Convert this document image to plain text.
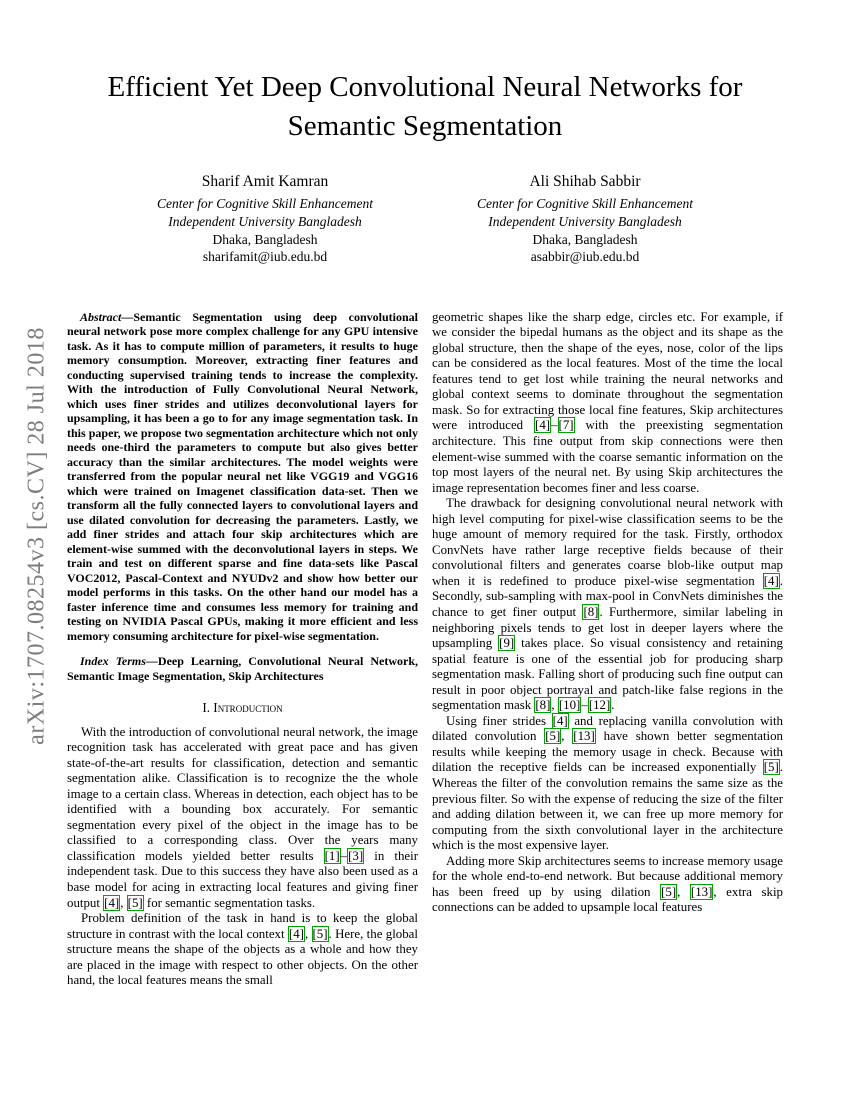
arXiv:1707.08254v3 [cs.CV] 28 Jul 2018
Efficient Yet Deep Convolutional Neural Networks for Semantic Segmentation
Sharif Amit Kamran
Center for Cognitive Skill Enhancement
Independent University Bangladesh
Dhaka, Bangladesh
sharifamit@iub.edu.bd
Ali Shihab Sabbir
Center for Cognitive Skill Enhancement
Independent University Bangladesh
Dhaka, Bangladesh
asabbir@iub.edu.bd

Abstract—Semantic Segmentation using deep convolutional neural network pose more complex challenge for any GPU intensive task. As it has to compute million of parameters, it results to huge memory consumption. Moreover, extracting finer features and conducting supervised training tends to increase the complexity. With the introduction of Fully Convolutional Neural Network, which uses finer strides and utilizes deconvolutional layers for upsampling, it has been a go to for any image segmentation task. In this paper, we propose two segmentation architecture which not only needs one-third the parameters to compute but also gives better accuracy than the similar architectures. The model weights were transferred from the popular neural net like VGG19 and VGG16 which were trained on Imagenet classification data-set. Then we transform all the fully connected layers to convolutional layers and use dilated convolution for decreasing the parameters. Lastly, we add finer strides and attach four skip architectures which are element-wise summed with the deconvolutional layers in steps. We train and test on different sparse and fine data-sets like Pascal VOC2012, Pascal-Context and NYUDv2 and show how better our model performs in this tasks. On the other hand our model has a faster inference time and consumes less memory for training and testing on NVIDIA Pascal GPUs, making it more efficient and less memory consuming architecture for pixel-wise segmentation.

Index Terms—Deep Learning, Convolutional Neural Network, Semantic Image Segmentation, Skip Architectures

I. Introduction

With the introduction of convolutional neural network, the image recognition task has accelerated with great pace and has given state-of-the-art results for classification, detection and semantic segmentation alike. Classification is to recognize the the whole image to a certain class. Whereas in detection, each object has to be identified with a bounding box accurately. For semantic segmentation every pixel of the object in the image has to be classified to a corresponding class. Over the years many classification models yielded better results [1]–[3] in their independent task. Due to this success they have also been used as a base model for acing in extracting local features and giving finer output [4], [5] for semantic segmentation tasks.

Problem definition of the task in hand is to keep the global structure in contrast with the local context [4], [5]. Here, the global structure means the shape of the objects as a whole and how they are placed in the image with respect to other objects. On the other hand, the local features means the small

geometric shapes like the sharp edge, circles etc. For example, if we consider the bipedal humans as the object and its shape as the global structure, then the shape of the eyes, nose, color of the lips can be considered as the local features. Most of the time the local features tend to get lost while training the neural networks and global context seems to dominate throughout the segmentation mask. So for extracting those local fine features, Skip architectures were introduced [4]–[7] with the preexisting segmentation architecture. This fine output from skip connections were then element-wise summed with the coarse semantic information on the top most layers of the neural net. By using Skip architectures the image representation becomes finer and less coarse.

The drawback for designing convolutional neural network with high level computing for pixel-wise classification seems to be the huge amount of memory required for the task. Firstly, orthodox ConvNets have rather large receptive fields because of their convolutional filters and generates coarse blob-like output map when it is redefined to produce pixel-wise segmentation [4]. Secondly, sub-sampling with max-pool in ConvNets diminishes the chance to get finer output [8]. Furthermore, similar labeling in neighboring pixels tends to get lost in deeper layers where the upsampling [9] takes place. So visual consistency and retaining spatial feature is one of the essential job for producing sharp segmentation mask. Falling short of producing such fine output can result in poor object portrayal and patch-like false regions in the segmentation mask [8], [10]–[12].

Using finer strides [4] and replacing vanilla convolution with dilated convolution [5], [13] have shown better segmentation results while keeping the memory usage in check. Because with dilation the receptive fields can be increased exponentially [5]. Whereas the filter of the convolution remains the same size as the previous filter. So with the expense of reducing the size of the filter and adding dilation between it, we can free up more memory for computing from the sixth convolutional layer in the architecture which is the most expensive layer.

Adding more Skip architectures seems to increase memory usage for the whole end-to-end network. But because additional memory has been freed up by using dilation [5], [13], extra skip connections can be added to upsample local features
